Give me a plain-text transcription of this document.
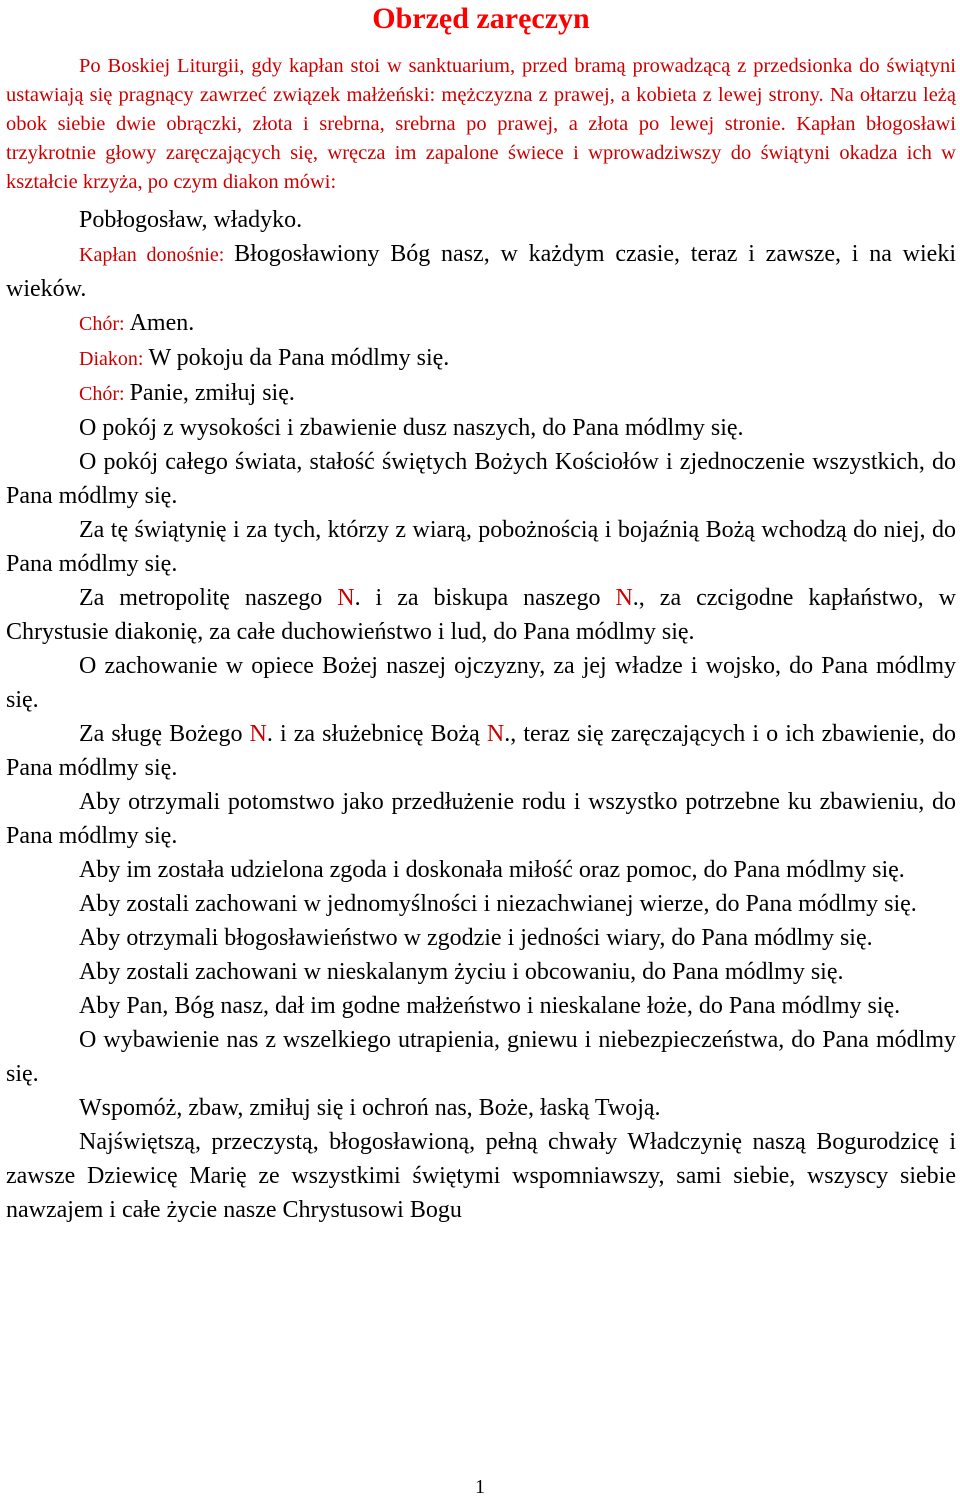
Obrzęd zaręczyn

Po Boskiej Liturgii, gdy kapłan stoi w sanktuarium, przed bramą prowadzącą z przedsionka do świątyni ustawiają się pragnący zawrzeć związek małżeński: mężczyzna z prawej, a kobieta z lewej strony. Na ołtarzu leżą obok siebie dwie obrączki, złota i srebrna, srebrna po prawej, a złota po lewej stronie. Kapłan błogosławi trzykrotnie głowy zaręczających się, wręcza im zapalone świece i wprowadziwszy do świątyni okadza ich w kształcie krzyża, po czym diakon mówi:

Pobłogosław, władyko.

Kapłan donośnie: Błogosławiony Bóg nasz, w każdym czasie, teraz i zawsze, i na wieki wieków.

Chór: Amen.

Diakon: W pokoju da Pana módlmy się.

Chór: Panie, zmiłuj się.

O pokój z wysokości i zbawienie dusz naszych, do Pana módlmy się.

O pokój całego świata, stałość świętych Bożych Kościołów i zjednoczenie wszystkich, do Pana módlmy się.

Za tę świątynię i za tych, którzy z wiarą, pobożnością i bojaźnią Bożą wchodzą do niej, do Pana módlmy się.

Za metropolitę naszego N. i za biskupa naszego N., za czcigodne kapłaństwo, w Chrystusie diakonię, za całe duchowieństwo i lud, do Pana módlmy się.

O zachowanie w opiece Bożej naszej ojczyzny, za jej władze i wojsko, do Pana módlmy się.

Za sługę Bożego N. i za służebnicę Bożą N., teraz się zaręczających i o ich zbawienie, do Pana módlmy się.

Aby otrzymali potomstwo jako przedłużenie rodu i wszystko potrzebne ku zbawieniu, do Pana módlmy się.

Aby im została udzielona zgoda i doskonała miłość oraz pomoc, do Pana módlmy się.

Aby zostali zachowani w jednomyślności i niezachwianej wierze, do Pana módlmy się.

Aby otrzymali błogosławieństwo w zgodzie i jedności wiary, do Pana módlmy się.

Aby zostali zachowani w nieskalanym życiu i obcowaniu, do Pana módlmy się.

Aby Pan, Bóg nasz, dał im godne małżeństwo i nieskalane łoże, do Pana módlmy się.

O wybawienie nas z wszelkiego utrapienia, gniewu i niebezpieczeństwa, do Pana módlmy się.

Wspomóż, zbaw, zmiłuj się i ochroń nas, Boże, łaską Twoją.

Najświętszą, przeczystą, błogosławioną, pełną chwały Władczynię naszą Bogurodzicę i zawsze Dziewicę Marię ze wszystkimi świętymi wspomniawszy, sami siebie, wszyscy siebie nawzajem i całe życie nasze Chrystusowi Bogu

1
